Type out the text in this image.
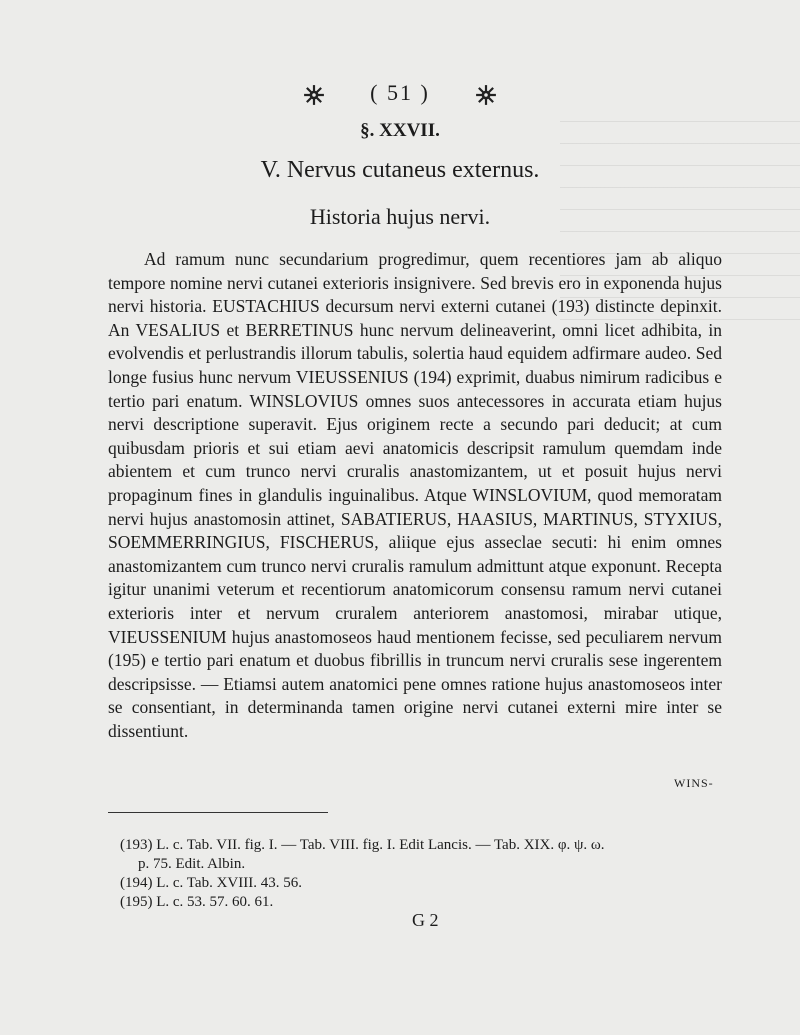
( 51 )
§. XXVII.
V. Nervus cutaneus externus.
Historia hujus nervi.

Ad ramum nunc secundarium progredimur, quem recentiores jam ab aliquo tempore nomine nervi cutanei exterioris insignivere. Sed brevis ero in exponenda hujus nervi historia. EUSTACHIUS decursum nervi externi cutanei (193) distincte depinxit. An VESALIUS et BERRETINUS hunc nervum delineaverint, omni licet adhibita, in evolvendis et perlustrandis illorum tabulis, solertia haud equidem adfirmare audeo. Sed longe fusius hunc nervum VIEUSSENIUS (194) exprimit, duabus nimirum radicibus e tertio pari enatum. WINSLOVIUS omnes suos antecessores in accurata etiam hujus nervi descriptione superavit. Ejus originem recte a secundo pari deducit; at cum quibusdam prioris et sui etiam aevi anatomicis descripsit ramulum quemdam inde abientem et cum trunco nervi cruralis anastomizantem, ut et posuit hujus nervi propaginum fines in glandulis inguinalibus. Atque WINSLOVIUM, quod memoratam nervi hujus anastomosin attinet, SABATIERUS, HAASIUS, MARTINUS, STYXIUS, SOEMMERRINGIUS, FISCHERUS, aliique ejus asseclae secuti: hi enim omnes anastomizantem cum trunco nervi cruralis ramulum admittunt atque exponunt. Recepta igitur unanimi veterum et recentiorum anatomicorum consensu ramum nervi cutanei exterioris inter et nervum cruralem anteriorem anastomosi, mirabar utique, VIEUSSENIUM hujus anastomoseos haud mentionem fecisse, sed peculiarem nervum (195) e tertio pari enatum et duobus fibrillis in truncum nervi cruralis sese ingerentem descripsisse. — Etiamsi autem anatomici pene omnes ratione hujus anastomoseos inter se consentiant, in determinanda tamen origine nervi cutanei externi mire inter se dissentiunt.

WINS-
(193) L. c. Tab. VII. fig. I. — Tab. VIII. fig. I. Edit Lancis. — Tab. XIX. φ. ψ. ω.
p. 75. Edit. Albin.
(194) L. c. Tab. XVIII. 43. 56.
(195) L. c. 53. 57. 60. 61.
G 2
